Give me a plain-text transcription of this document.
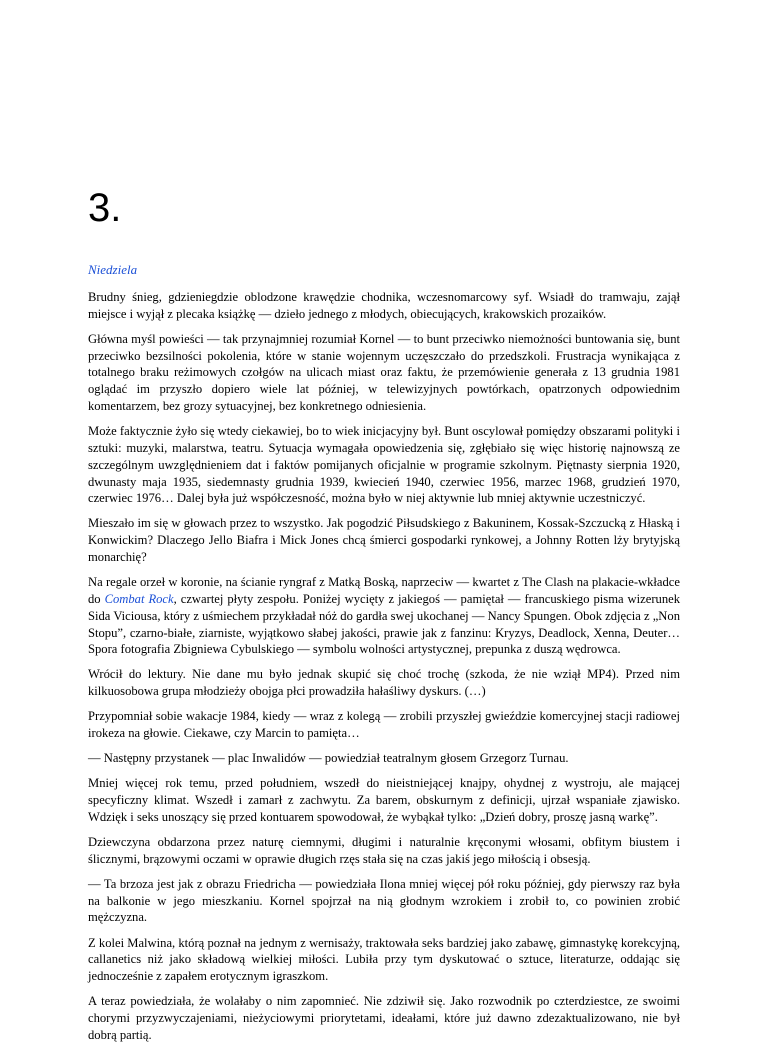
3.

Niedziela

Brudny śnieg, gdzieniegdzie oblodzone krawędzie chodnika, wczesnomarcowy syf. Wsiadł do tramwaju, zajął miejsce i wyjął z plecaka książkę — dzieło jednego z młodych, obiecujących, krakowskich prozaików.

Główna myśl powieści — tak przynajmniej rozumiał Kornel — to bunt przeciwko niemożności buntowania się, bunt przeciwko bezsilności pokolenia, które w stanie wojennym uczęszczało do przedszkoli. Frustracja wynikająca z totalnego braku reżimowych czołgów na ulicach miast oraz faktu, że przemówienie generała z 13 grudnia 1981 oglądać im przyszło dopiero wiele lat później, w telewizyjnych powtórkach, opatrzonych odpowiednim komentarzem, bez grozy sytuacyjnej, bez konkretnego odniesienia.

Może faktycznie żyło się wtedy ciekawiej, bo to wiek inicjacyjny był. Bunt oscylował pomiędzy obszarami polityki i sztuki: muzyki, malarstwa, teatru. Sytuacja wymagała opowiedzenia się, zgłębiało się więc historię najnowszą ze szczególnym uwzględnieniem dat i faktów pomijanych oficjalnie w programie szkolnym. Piętnasty sierpnia 1920, dwunasty maja 1935, siedemnasty grudnia 1939, kwiecień 1940, czerwiec 1956, marzec 1968, grudzień 1970, czerwiec 1976… Dalej była już współczesność, można było w niej aktywnie lub mniej aktywnie uczestniczyć.

Mieszało im się w głowach przez to wszystko. Jak pogodzić Piłsudskiego z Bakuninem, Kossak-Szczucką z Hłaską i Konwickim? Dlaczego Jello Biafra i Mick Jones chcą śmierci gospodarki rynkowej, a Johnny Rotten lży brytyjską monarchię?

Na regale orzeł w koronie, na ścianie ryngraf z Matką Boską, naprzeciw — kwartet z The Clash na plakacie-wkładce do Combat Rock, czwartej płyty zespołu. Poniżej wycięty z jakiegoś — pamiętał — francuskiego pisma wizerunek Sida Viciousa, który z uśmiechem przykładał nóż do gardła swej ukochanej — Nancy Spungen. Obok zdjęcia z „Non Stopu”, czarno-białe, ziarniste, wyjątkowo słabej jakości, prawie jak z fanzinu: Kryzys, Deadlock, Xenna, Deuter… Spora fotografia Zbigniewa Cybulskiego — symbolu wolności artystycznej, prepunka z duszą wędrowca.

Wrócił do lektury. Nie dane mu było jednak skupić się choć trochę (szkoda, że nie wziął MP4). Przed nim kilkuosobowa grupa młodzieży obojga płci prowadziła hałaśliwy dyskurs. (…)

Przypomniał sobie wakacje 1984, kiedy — wraz z kolegą — zrobili przyszłej gwieździe komercyjnej stacji radiowej irokeza na głowie. Ciekawe, czy Marcin to pamięta…

— Następny przystanek — plac Inwalidów — powiedział teatralnym głosem Grzegorz Turnau.

Mniej więcej rok temu, przed południem, wszedł do nieistniejącej knajpy, ohydnej z wystroju, ale mającej specyficzny klimat. Wszedł i zamarł z zachwytu. Za barem, obskurnym z definicji, ujrzał wspaniałe zjawisko. Wdzięk i seks unoszący się przed kontuarem spowodował, że wybąkał tylko: „Dzień dobry, proszę jasną warkę”.

Dziewczyna obdarzona przez naturę ciemnymi, długimi i naturalnie kręconymi włosami, obfitym biustem i ślicznymi, brązowymi oczami w oprawie długich rzęs stała się na czas jakiś jego miłością i obsesją.

— Ta brzoza jest jak z obrazu Friedricha — powiedziała Ilona mniej więcej pół roku później, gdy pierwszy raz była na balkonie w jego mieszkaniu. Kornel spojrzał na nią głodnym wzrokiem i zrobił to, co powinien zrobić mężczyzna.

Z kolei Malwina, którą poznał na jednym z wernisaży, traktowała seks bardziej jako zabawę, gimnastykę korekcyjną, callanetics niż jako składową wielkiej miłości. Lubiła przy tym dyskutować o sztuce, literaturze, oddając się jednocześnie z zapałem erotycznym igraszkom.

A teraz powiedziała, że wolałaby o nim zapomnieć. Nie zdziwił się. Jako rozwodnik po czterdziestce, ze swoimi chorymi przyzwyczajeniami, nieżyciowymi priorytetami, ideałami, które już dawno zdezaktualizowano, nie był dobrą partią.
